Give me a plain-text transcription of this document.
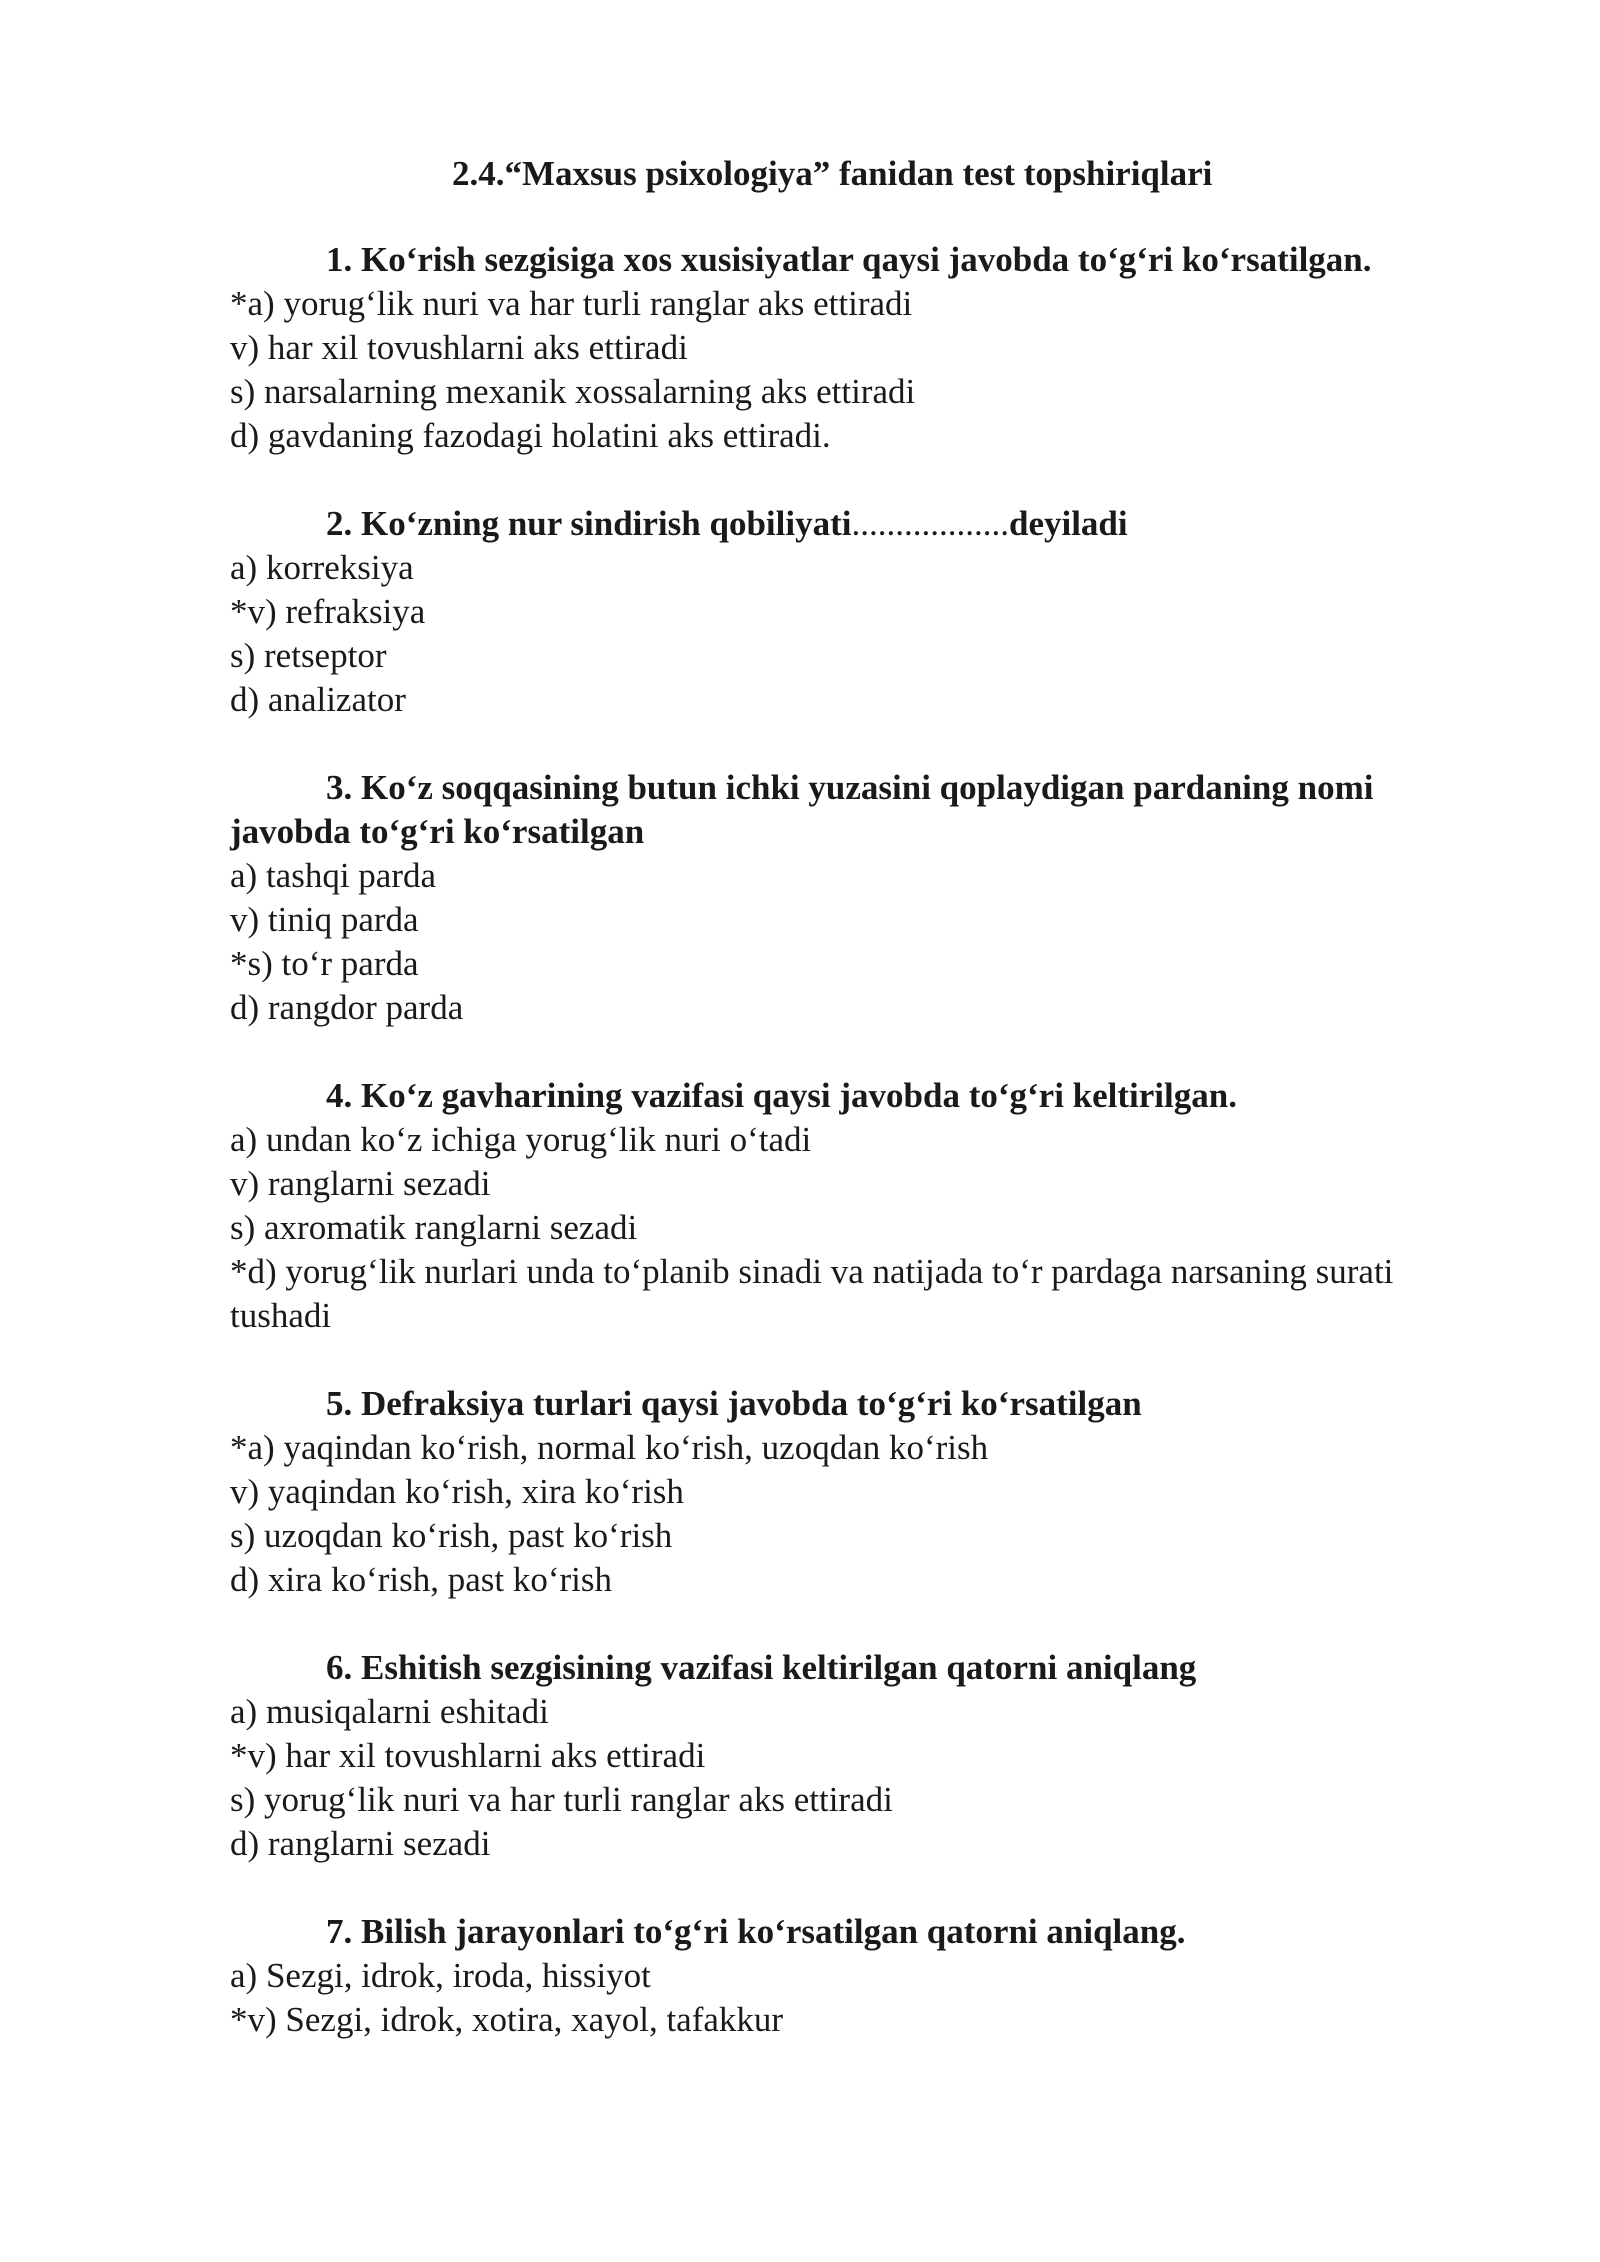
2.4.“Maxsus psixologiya” fanidan test topshiriqlari

1. Ko‘rish sezgisiga xos xusisiyatlar qaysi javobda to‘g‘ri ko‘rsatilgan.

*a) yorug‘lik nuri va har turli ranglar aks ettiradi
v) har xil tovushlarni aks ettiradi
s) narsalarning mexanik xossalarning aks ettiradi
d) gavdaning fazodagi holatini aks ettiradi.

2. Ko‘zning nur sindirish qobiliyati..................deyiladi

a) korreksiya
*v) refraksiya
s) retseptor
d) analizator

3. Ko‘z soqqasining butun ichki yuzasini qoplaydigan pardaning nomi javobda to‘g‘ri ko‘rsatilgan

a) tashqi parda
v) tiniq parda
*s) to‘r parda
d) rangdor parda

4. Ko‘z gavharining vazifasi qaysi javobda to‘g‘ri keltirilgan.

a) undan ko‘z ichiga yorug‘lik nuri o‘tadi
v) ranglarni sezadi
s) axromatik ranglarni sezadi
*d) yorug‘lik nurlari unda to‘planib sinadi va natijada to‘r pardaga narsaning surati tushadi

5. Defraksiya turlari qaysi javobda to‘g‘ri ko‘rsatilgan

*a) yaqindan ko‘rish, normal ko‘rish, uzoqdan ko‘rish
v) yaqindan ko‘rish, xira ko‘rish
s) uzoqdan ko‘rish, past ko‘rish
d) xira ko‘rish, past ko‘rish

6. Eshitish sezgisining vazifasi keltirilgan qatorni aniqlang

a) musiqalarni eshitadi
*v) har xil tovushlarni aks ettiradi
s) yorug‘lik nuri va har turli ranglar aks ettiradi
d) ranglarni sezadi

7. Bilish jarayonlari to‘g‘ri ko‘rsatilgan qatorni aniqlang.

a) Sezgi, idrok, iroda, hissiyot
*v) Sezgi, idrok, xotira, xayol, tafakkur
